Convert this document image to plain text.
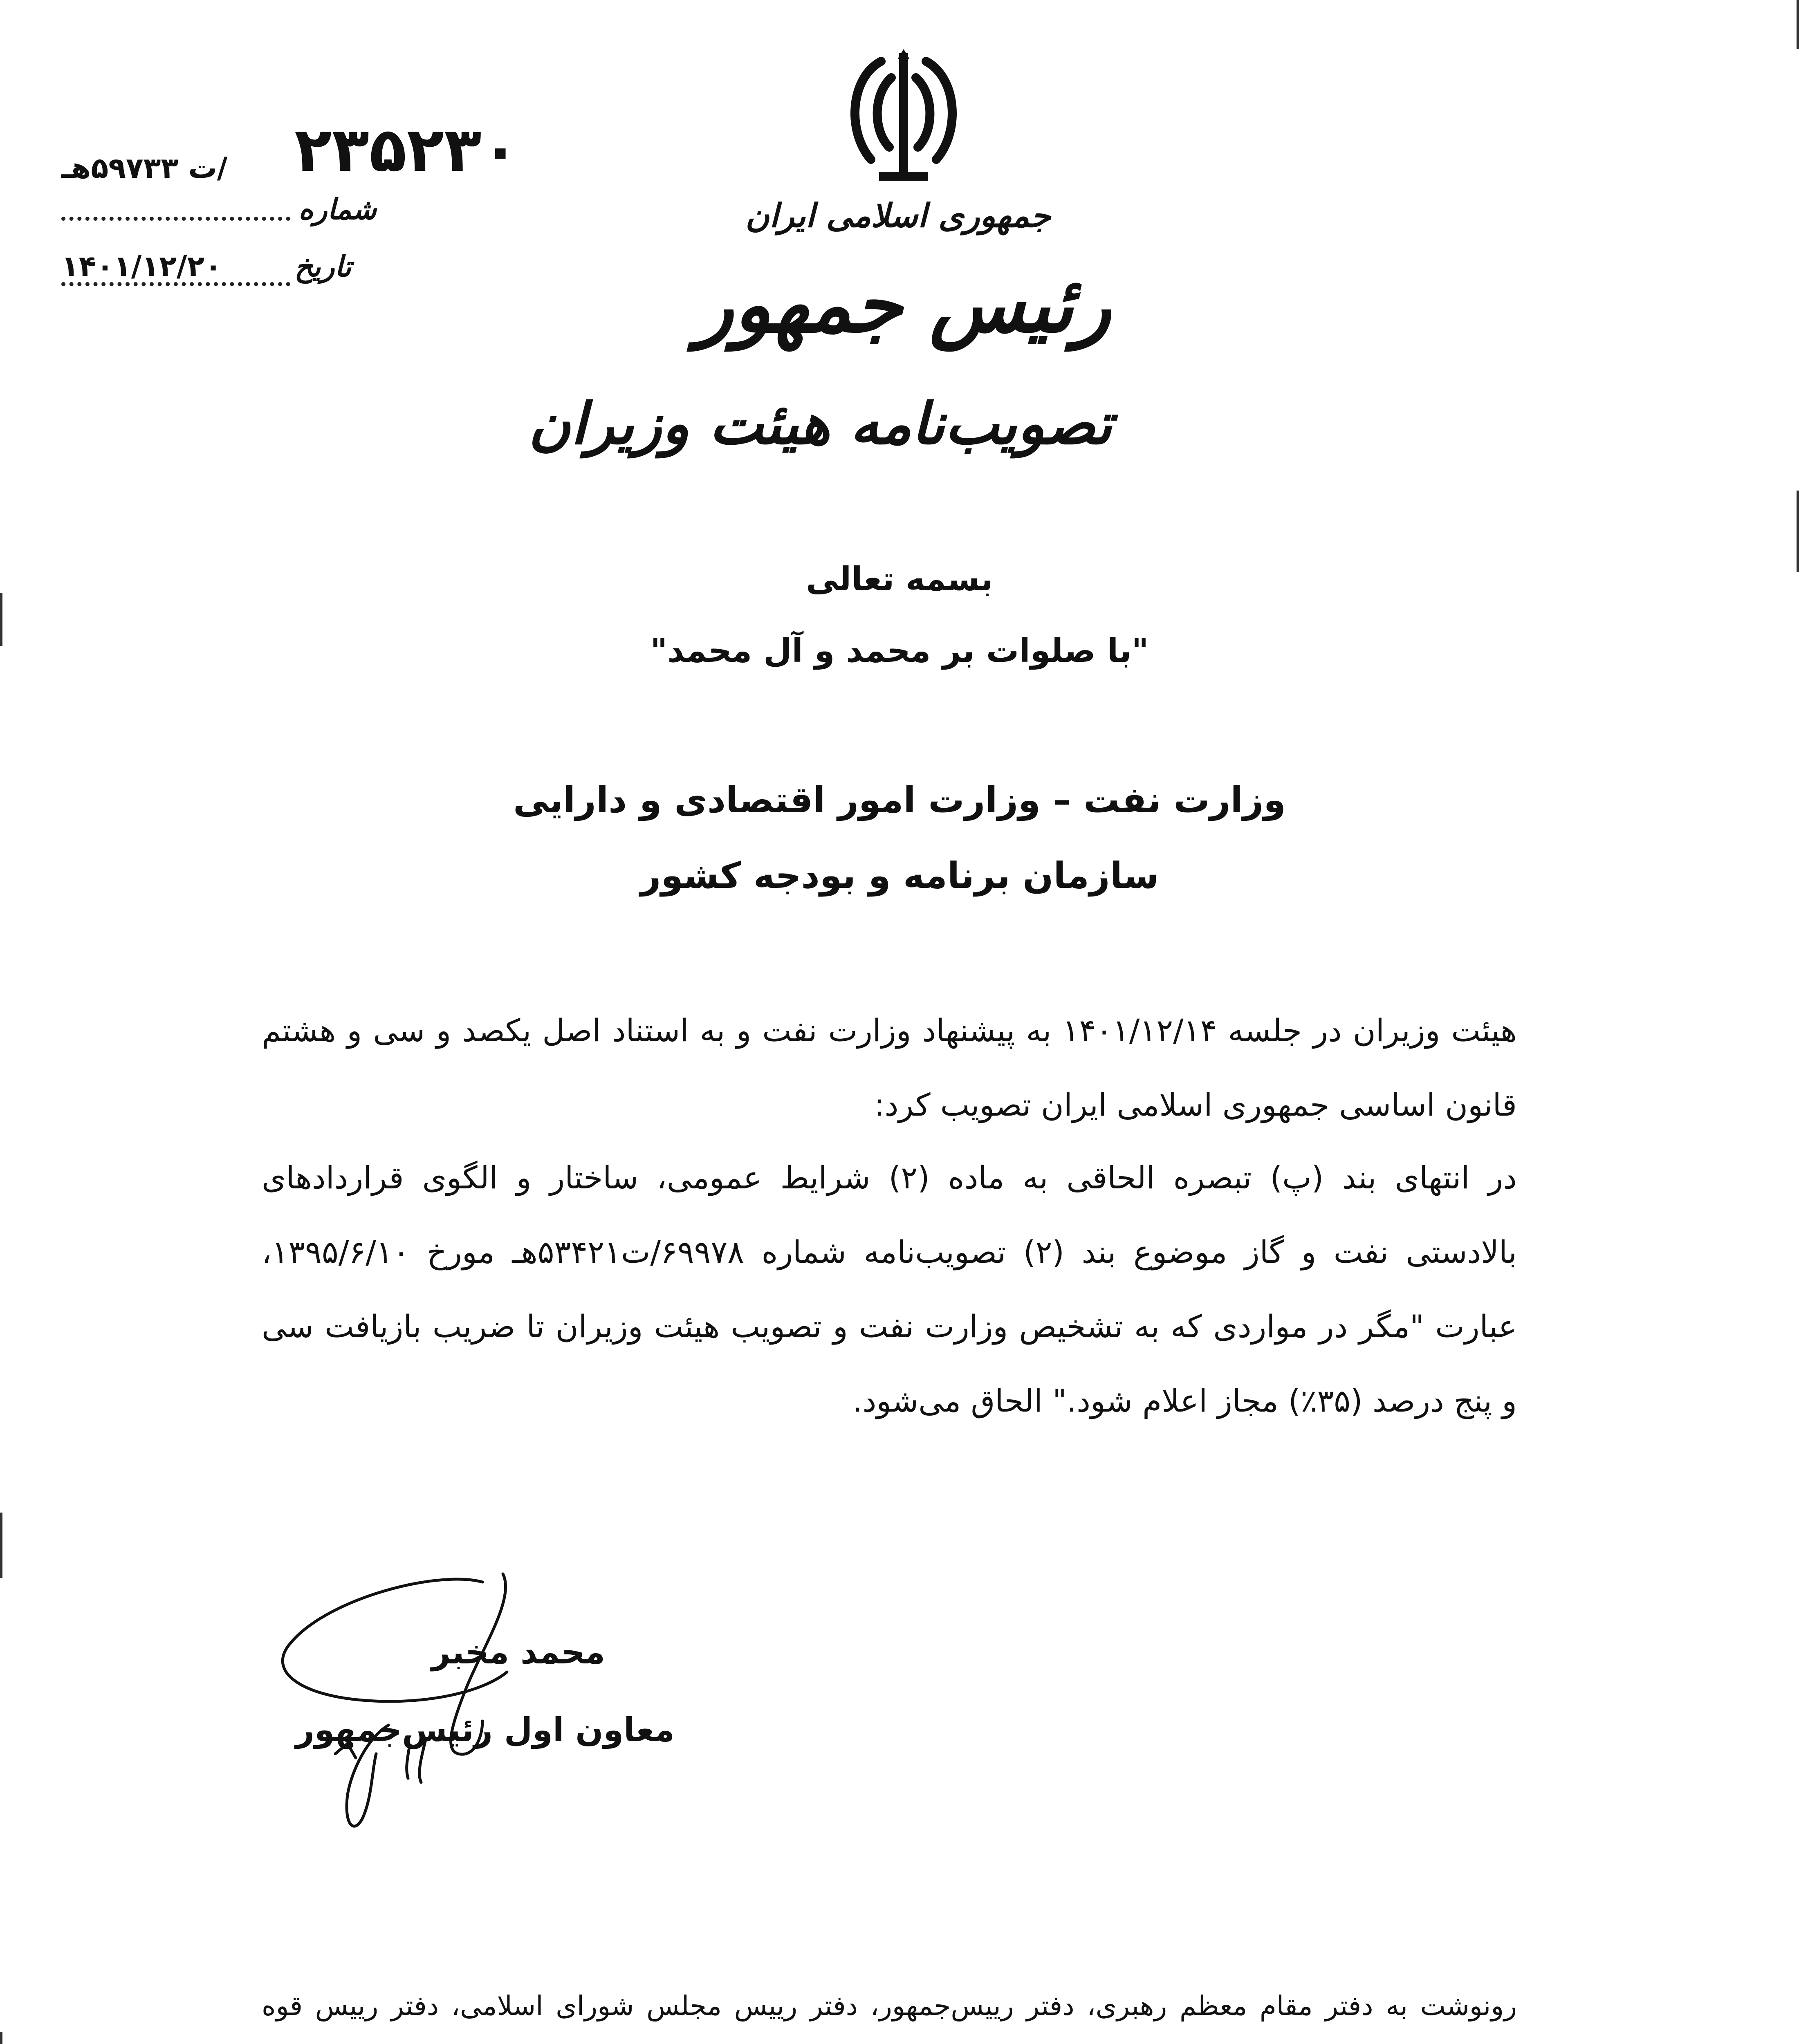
جمهوری اسلامی ایران
رئیس جمهور
تصویب‌نامه هیئت وزیران
۲۳۵۲۳۰
/ت ۵۹۷۳۳هـ
شماره
تاریخ
۱۴۰۱/۱۲/۲۰
بسمه تعالی
"با صلوات بر محمد و آل محمد"
وزارت نفت – وزارت امور اقتصادی و دارایی
سازمان برنامه و بودجه کشور
هیئت وزیران در جلسه ۱۴۰۱/۱۲/۱۴ به پیشنهاد وزارت نفت و به استناد اصل یکصد و سی و هشتم قانون اساسی جمهوری اسلامی ایران تصویب کرد:
در انتهای بند (پ) تبصره الحاقی به ماده (۲) شرایط عمومی، ساختار و الگوی قراردادهای بالادستی نفت و گاز موضوع بند (۲) تصویب‌نامه شماره ۶۹۹۷۸/ت۵۳۴۲۱هـ مورخ ۱۳۹۵/۶/۱۰، عبارت "مگر در مواردی که به تشخیص وزارت نفت و تصویب هیئت وزیران تا ضریب بازیافت سی و پنج درصد (۳۵٪) مجاز اعلام شود." الحاق می‌شود.
محمد مخبر
معاون اول رئیس‌جمهور
رونوشت به دفتر مقام معظم رهبری، دفتر رییس‌جمهور، دفتر رییس مجلس شورای اسلامی، دفتر رییس قوه
